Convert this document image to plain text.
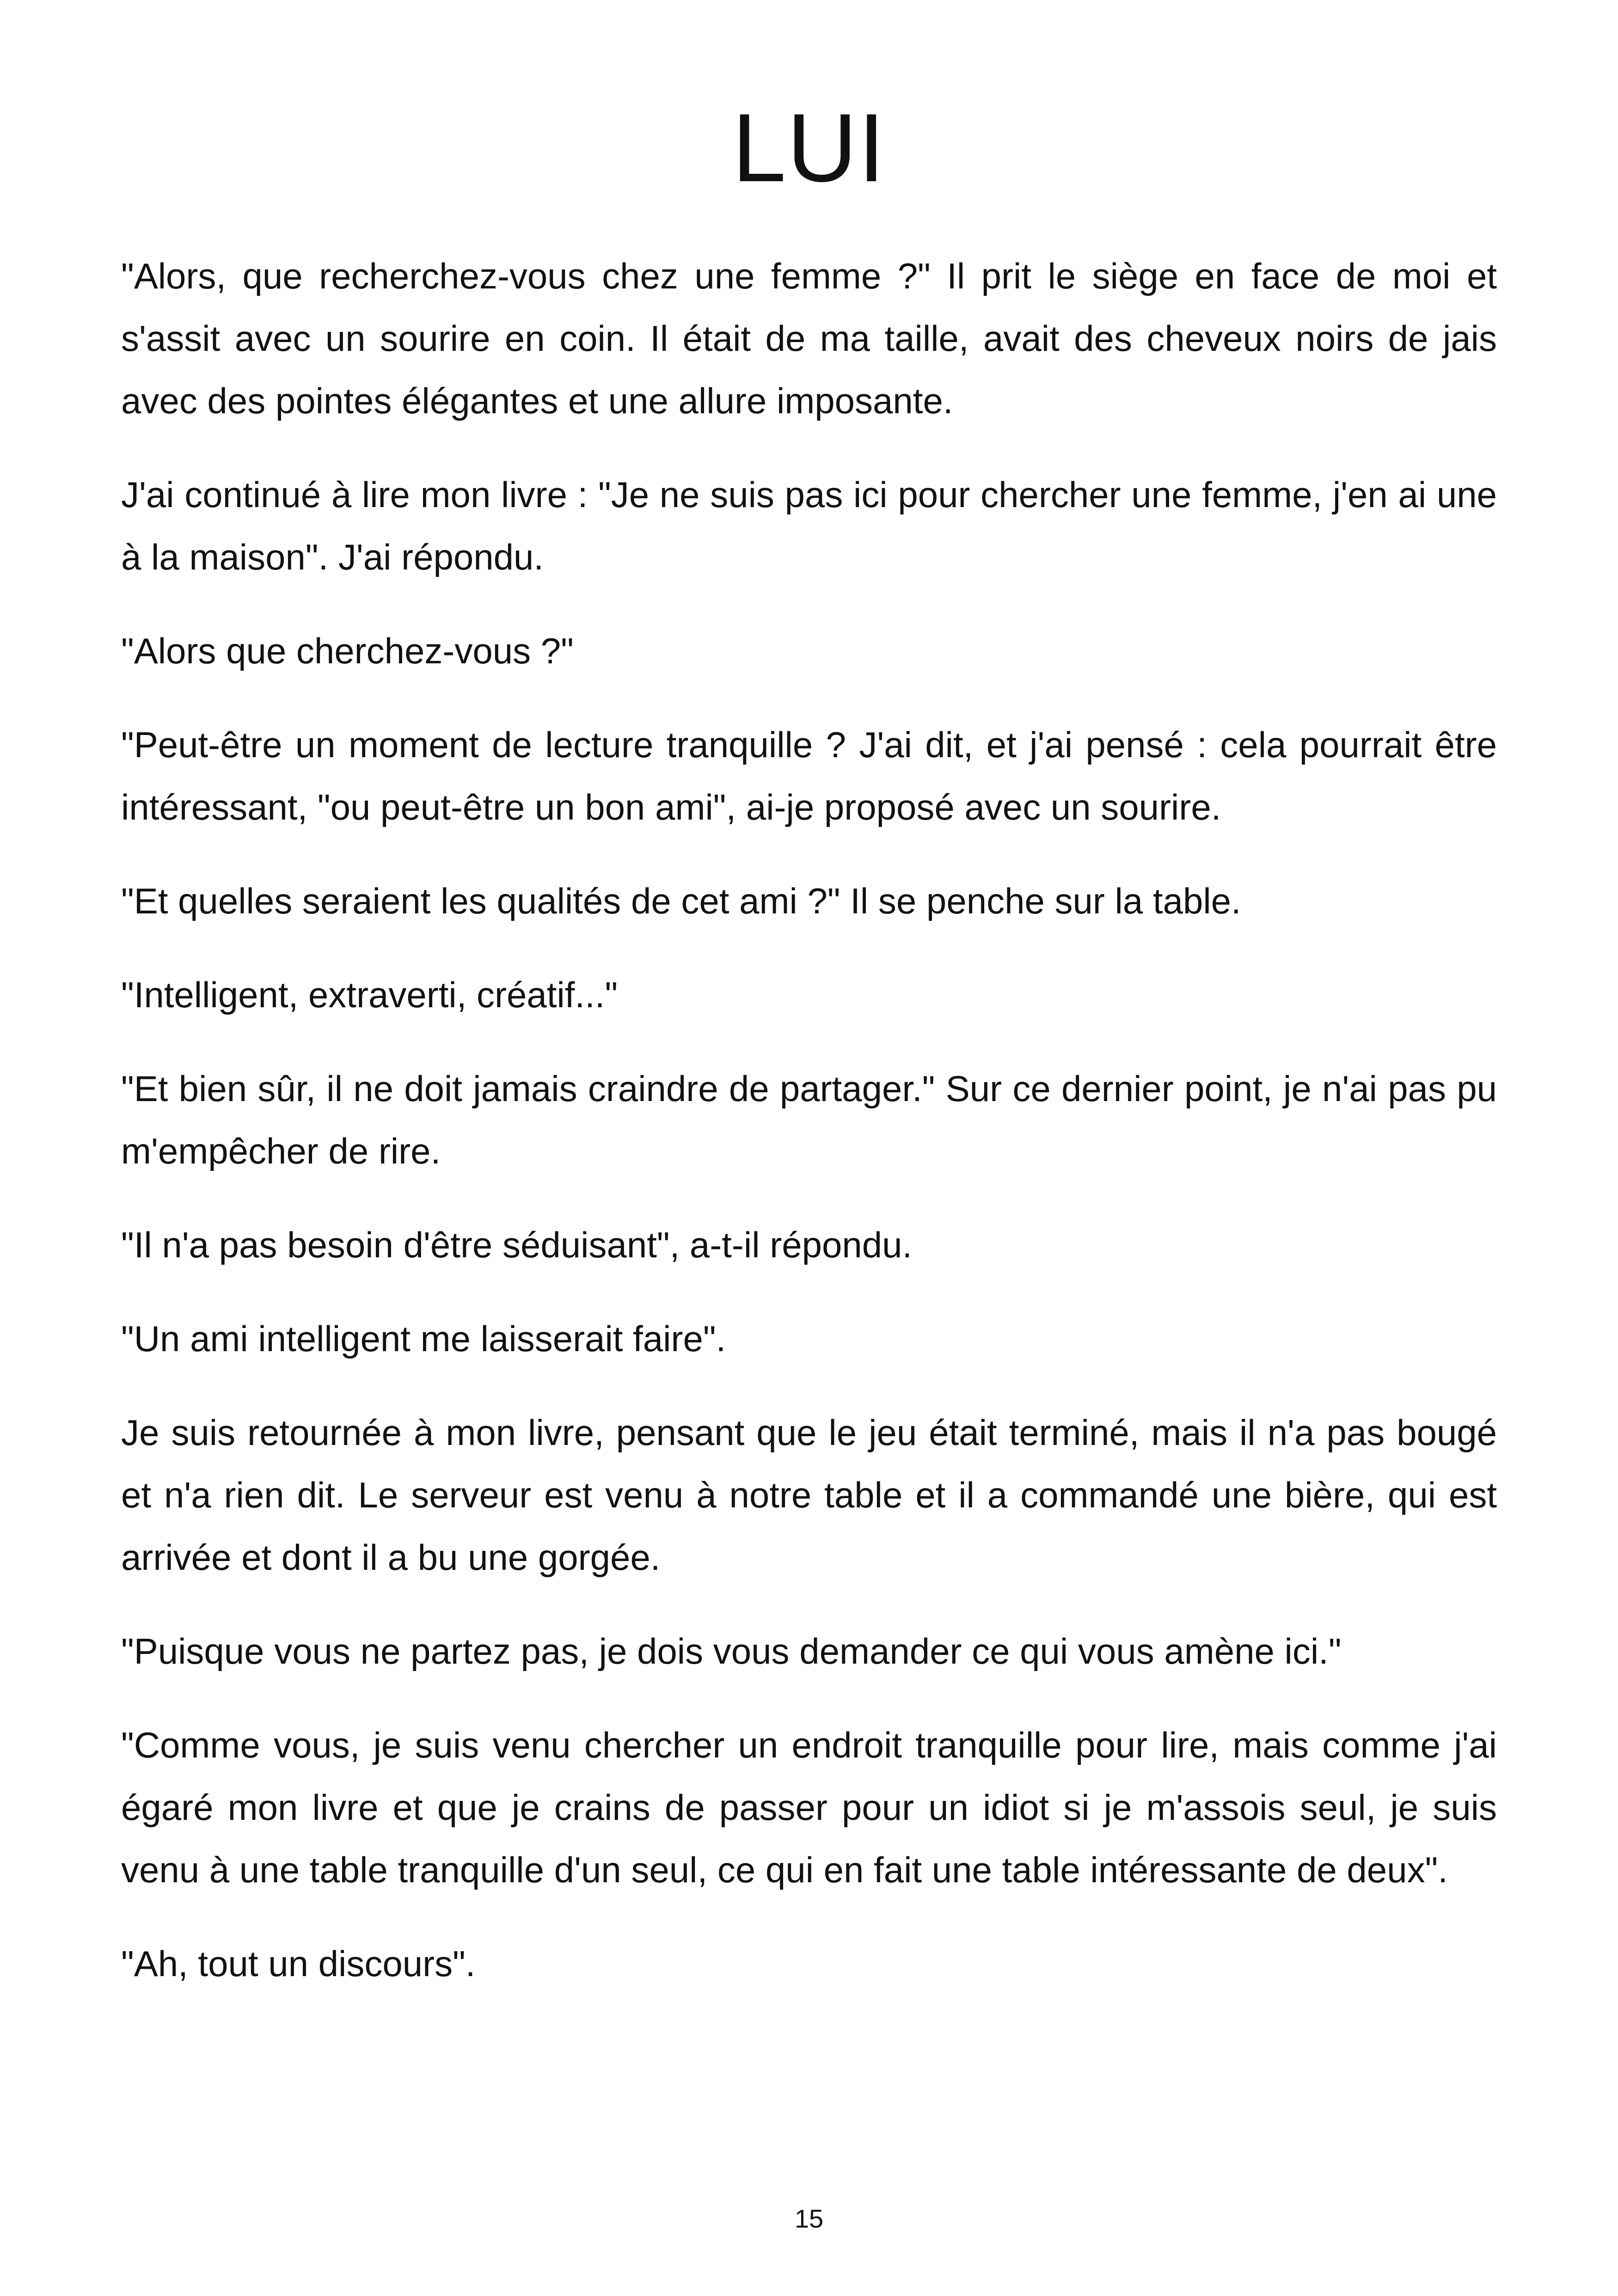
LUI

"Alors, que recherchez-vous chez une femme ?" Il prit le siège en face de moi et s'assit avec un sourire en coin. Il était de ma taille, avait des cheveux noirs de jais avec des pointes élégantes et une allure imposante.

J'ai continué à lire mon livre : "Je ne suis pas ici pour chercher une femme, j'en ai une à la maison". J'ai répondu.

"Alors que cherchez-vous ?"

"Peut-être un moment de lecture tranquille ? J'ai dit, et j'ai pensé : cela pourrait être intéressant, "ou peut-être un bon ami", ai-je proposé avec un sourire.

"Et quelles seraient les qualités de cet ami ?" Il se penche sur la table.

"Intelligent, extraverti, créatif..."

"Et bien sûr, il ne doit jamais craindre de partager." Sur ce dernier point, je n'ai pas pu m'empêcher de rire.

"Il n'a pas besoin d'être séduisant", a-t-il répondu.

"Un ami intelligent me laisserait faire".

Je suis retournée à mon livre, pensant que le jeu était terminé, mais il n'a pas bougé et n'a rien dit. Le serveur est venu à notre table et il a commandé une bière, qui est arrivée et dont il a bu une gorgée.

"Puisque vous ne partez pas, je dois vous demander ce qui vous amène ici."

"Comme vous, je suis venu chercher un endroit tranquille pour lire, mais comme j'ai égaré mon livre et que je crains de passer pour un idiot si je m'assois seul, je suis venu à une table tranquille d'un seul, ce qui en fait une table intéressante de deux".

"Ah, tout un discours".

15
